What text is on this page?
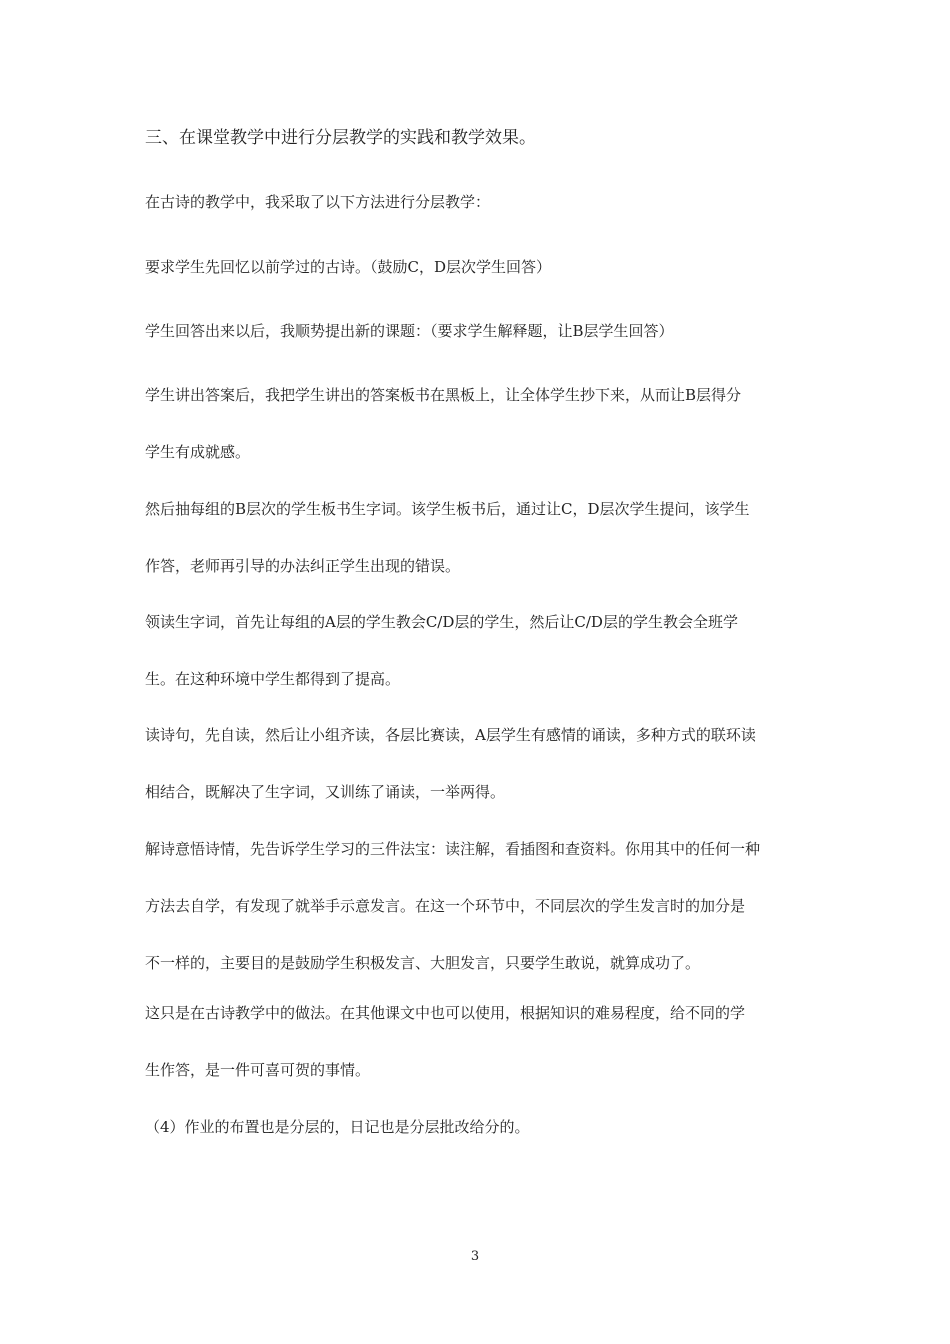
三、在课堂教学中进行分层教学的实践和教学效果。
在古诗的教学中，我采取了以下方法进行分层教学：
要求学生先回忆以前学过的古诗。（鼓励C，D层次学生回答）
学生回答出来以后，我顺势提出新的课题：（要求学生解释题，让B层学生回答）
学生讲出答案后，我把学生讲出的答案板书在黑板上，让全体学生抄下来，从而让B层得分
学生有成就感。
然后抽每组的B层次的学生板书生字词。该学生板书后，通过让C，D层次学生提问，该学生
作答，老师再引导的办法纠正学生出现的错误。
领读生字词，首先让每组的A层的学生教会C/D层的学生，然后让C/D层的学生教会全班学
生。在这种环境中学生都得到了提高。
读诗句，先自读，然后让小组齐读，各层比赛读，A层学生有感情的诵读，多种方式的联环读
相结合，既解决了生字词，又训练了诵读，一举两得。
解诗意悟诗情，先告诉学生学习的三件法宝：读注解，看插图和查资料。你用其中的任何一种
方法去自学，有发现了就举手示意发言。在这一个环节中，不同层次的学生发言时的加分是
不一样的，主要目的是鼓励学生积极发言、大胆发言，只要学生敢说，就算成功了。
这只是在古诗教学中的做法。在其他课文中也可以使用，根据知识的难易程度，给不同的学
生作答，是一件可喜可贺的事情。
（4）作业的布置也是分层的，日记也是分层批改给分的。
3
